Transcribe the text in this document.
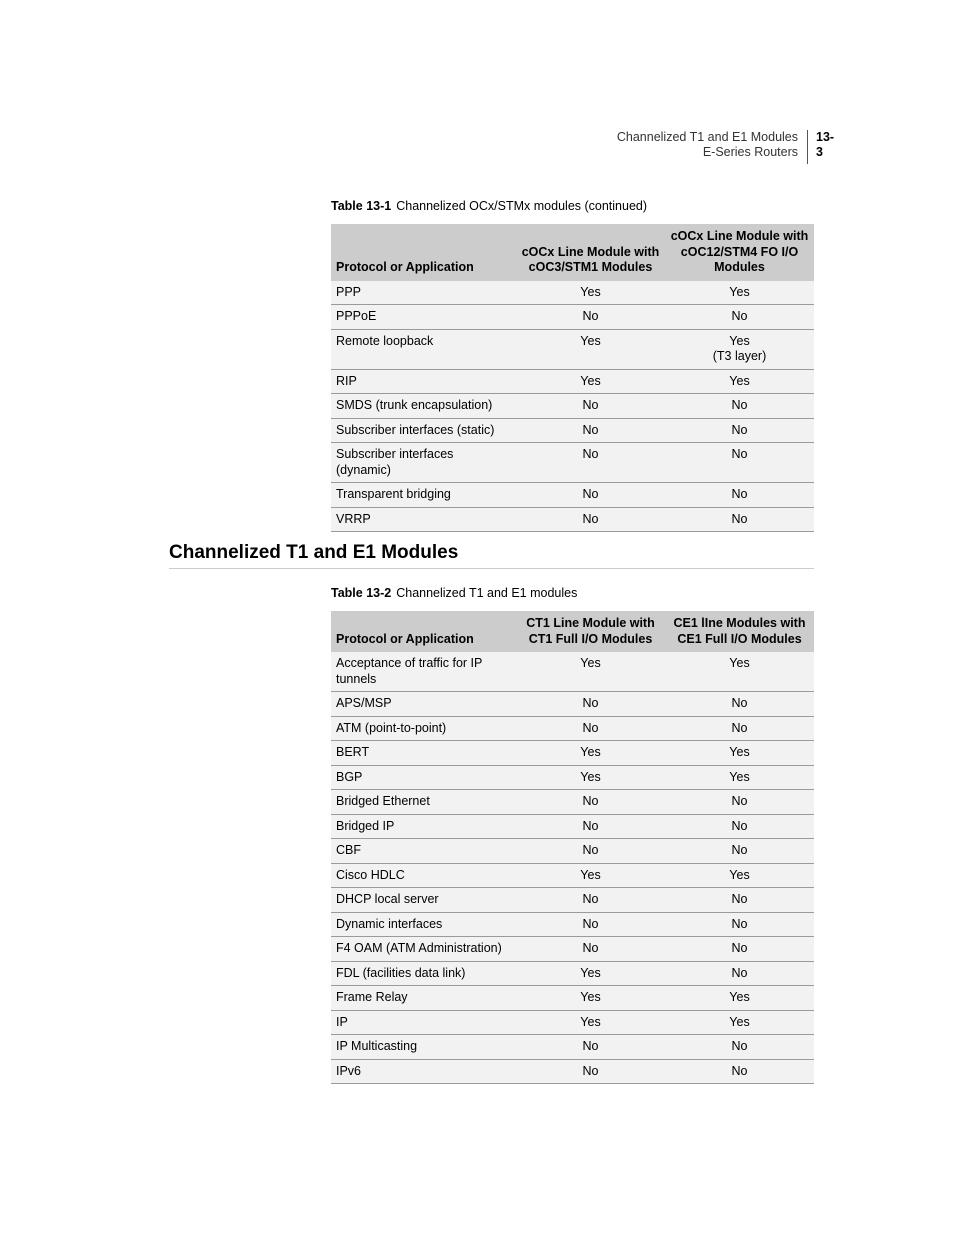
Channelized T1 and E1 Modules
E-Series Routers
13-3
Table 13-1 Channelized OCx/STMx modules (continued)
Protocol or Application	cOCx Line Module with cOC3/STM1 Modules	cOCx Line Module with cOC12/STM4 FO I/O Modules

PPP	Yes	Yes

PPPoE	No	No

Remote loopback	Yes	Yes
(T3 layer)

RIP	Yes	Yes

SMDS (trunk encapsulation)	No	No

Subscriber interfaces (static)	No	No

Subscriber interfaces (dynamic)	No	No

Transparent bridging	No	No

VRRP	No	No
Channelized T1 and E1 Modules
Table 13-2 Channelized T1 and E1 modules
Protocol or Application	CT1 Line Module with CT1 Full I/O Modules	CE1 lIne Modules with CE1 Full I/O Modules

Acceptance of traffic for IP tunnels	Yes	Yes

APS/MSP	No	No

ATM (point-to-point)	No	No

BERT	Yes	Yes

BGP	Yes	Yes

Bridged Ethernet	No	No

Bridged IP	No	No

CBF	No	No

Cisco HDLC	Yes	Yes

DHCP local server	No	No

Dynamic interfaces	No	No

F4 OAM (ATM Administration)	No	No

FDL (facilities data link)	Yes	No

Frame Relay	Yes	Yes

IP	Yes	Yes

IP Multicasting	No	No

IPv6	No	No
